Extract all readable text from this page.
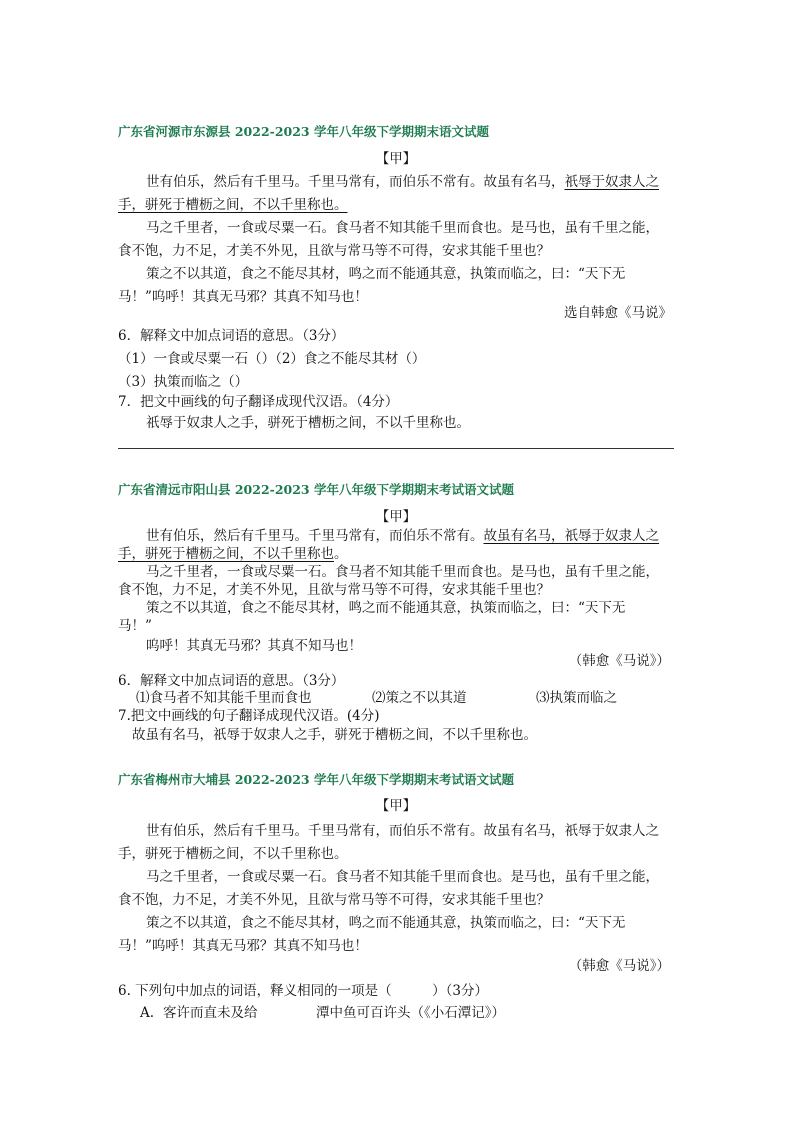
广东省河源市东源县 2022-2023 学年八年级下学期期末语文试题
【甲】
世有伯乐，然后有千里马。千里马常有，而伯乐不常有。故虽有名马，祇辱于奴隶人之
手，骈死于槽枥之间，不以千里称也。
马之千里者，一食或尽粟一石。食马者不知其能千里而食也。是马也，虽有千里之能，
食不饱，力不足，才美不外见，且欲与常马等不可得，安求其能千里也？
策之不以其道，食之不能尽其材，鸣之而不能通其意，执策而临之，曰：“天下无
马！”呜呼！其真无马邪？其真不知马也！
选自韩愈《马说》
6．解释文中加点词语的意思。（3分）
（1）一食或尽粟一石（）（2）食之不能尽其材（）
（3）执策而临之（）
7．把文中画线的句子翻译成现代汉语。（4分）
祇辱于奴隶人之手，骈死于槽枥之间，不以千里称也。
广东省清远市阳山县 2022-2023 学年八年级下学期期末考试语文试题
【甲】
世有伯乐，然后有千里马。千里马常有，而伯乐不常有。故虽有名马，祇辱于奴隶人之
手，骈死于槽枥之间，不以千里称也。
马之千里者，一食或尽粟一石。食马者不知其能千里而食也。是马也，虽有千里之能，
食不饱，力不足，才美不外见，且欲与常马等不可得，安求其能千里也？
策之不以其道，食之不能尽其材，鸣之而不能通其意，执策而临之，曰：“天下无
马！”
呜呼！其真无马邪？其真不知马也！
（韩愈《马说》）
6．解释文中加点词语的意思。（3分）
⑴食马者不知其能千里而食也	⑵策之不以其道	⑶执策而临之
7.把文中画线的句子翻译成现代汉语。(4分)
故虽有名马，祇辱于奴隶人之手，骈死于槽枥之间，不以千里称也。
广东省梅州市大埔县 2022-2023 学年八年级下学期期末考试语文试题
【甲】
世有伯乐，然后有千里马。千里马常有，而伯乐不常有。故虽有名马，祇辱于奴隶人之
手，骈死于槽枥之间，不以千里称也。
马之千里者，一食或尽粟一石。食马者不知其能千里而食也。是马也，虽有千里之能，
食不饱，力不足，才美不外见，且欲与常马等不可得，安求其能千里也？
策之不以其道，食之不能尽其材，鸣之而不能通其意，执策而临之，曰：“天下无
马！”呜呼！其真无马邪？其真不知马也！
（韩愈《马说》）
6. 下列句中加点的词语，释义相同的一项是（　　　）（3分）
A. 客许而直未及给	潭中鱼可百许头（《小石潭记》）
